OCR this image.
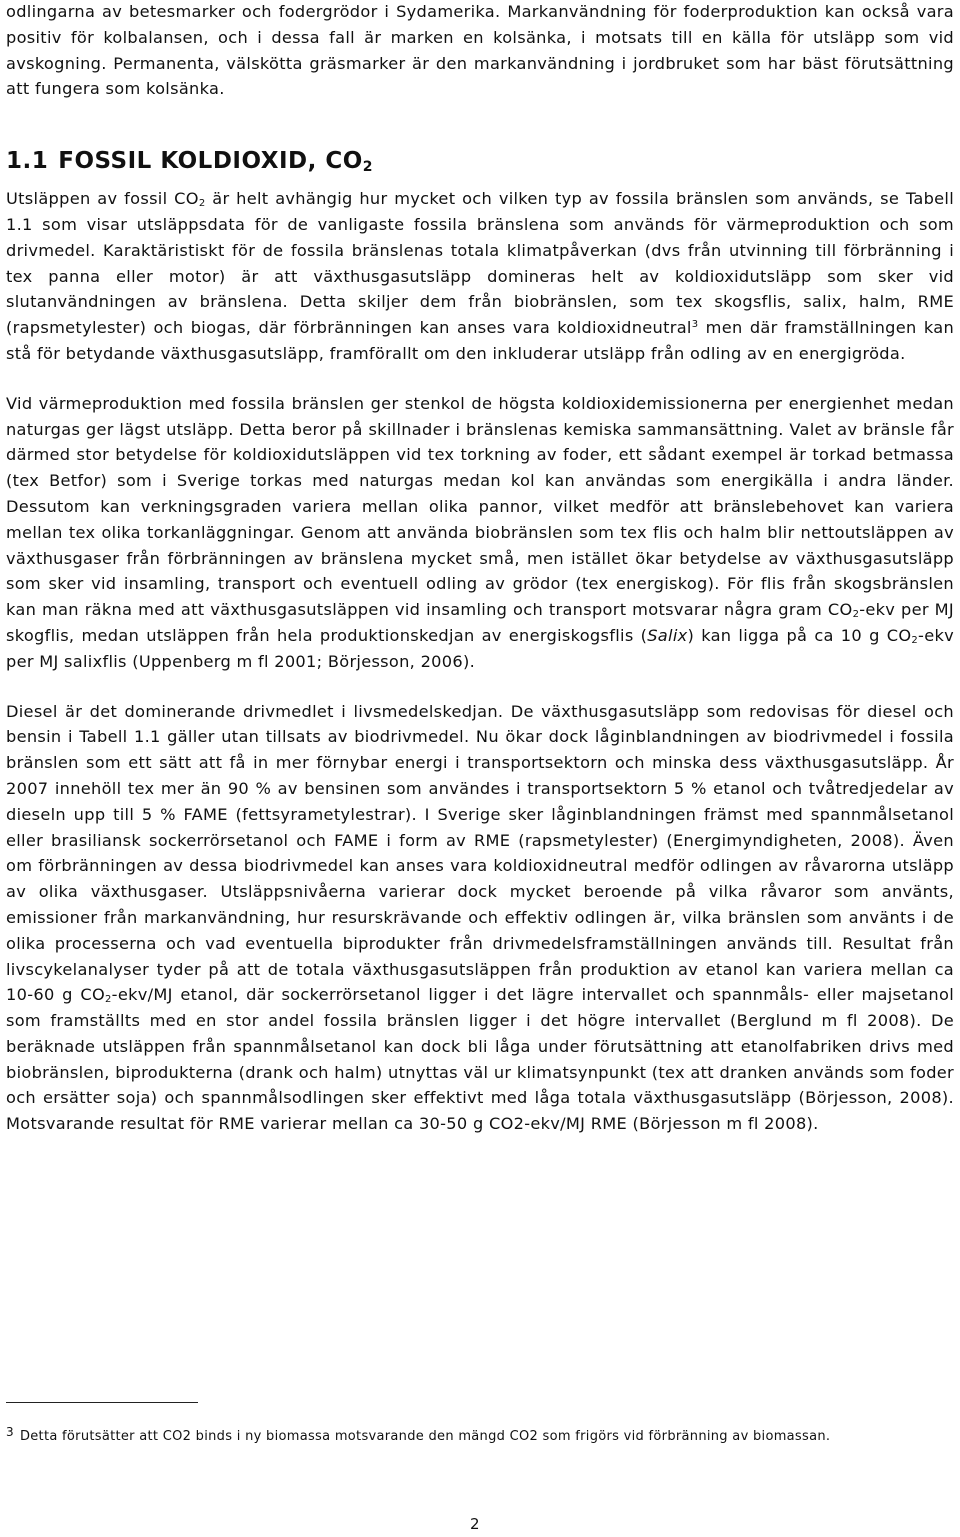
odlingarna av betesmarker och fodergrödor i Sydamerika. Markanvändning för foderproduktion kan också vara positiv för kolbalansen, och i dessa fall är marken en kolsänka, i motsats till en källa för utsläpp som vid avskogning. Permanenta, välskötta gräsmarker är den markanvändning i jordbruket som har bäst förutsättning att fungera som kolsänka.

1.1 FOSSIL KOLDIOXID, $CO_2$

Utsläppen av fossil $CO_2$ är helt avhängig hur mycket och vilken typ av fossila bränslen som används, se Tabell 1.1 som visar utsläppsdata för de vanligaste fossila bränslena som används för värmeproduktion och som drivmedel. Karaktäristiskt för de fossila bränslenas totala klimatpåverkan (dvs från utvinning till förbränning i tex panna eller motor) är att växthusgasutsläpp domineras helt av koldioxidutsläpp som sker vid slutanvändningen av bränslena. Detta skiljer dem från biobränslen, som tex skogsflis, salix, halm, RME (rapsmetylester) och biogas, där förbränningen kan anses vara koldioxidneutral$^3$ men där framställningen kan stå för betydande växthusgasutsläpp, framförallt om den inkluderar utsläpp från odling av en energigröda.

Vid värmeproduktion med fossila bränslen ger stenkol de högsta koldioxidemissionerna per energienhet medan naturgas ger lägst utsläpp. Detta beror på skillnader i bränslenas kemiska sammansättning. Valet av bränsle får därmed stor betydelse för koldioxidutsläppen vid tex torkning av foder, ett sådant exempel är torkad betmassa (tex Betfor) som i Sverige torkas med naturgas medan kol kan användas som energikälla i andra länder. Dessutom kan verkningsgraden variera mellan olika pannor, vilket medför att bränslebehovet kan variera mellan tex olika torkanläggningar. Genom att använda biobränslen som tex flis och halm blir nettoutsläppen av växthusgaser från förbränningen av bränslena mycket små, men istället ökar betydelse av växthusgasutsläpp som sker vid insamling, transport och eventuell odling av grödor (tex energiskog). För flis från skogsbränslen kan man räkna med att växthusgasutsläppen vid insamling och transport motsvarar några gram $CO_2$-ekv per MJ skogflis, medan utsläppen från hela produktionskedjan av energiskogsflis (Salix) kan ligga på ca 10 g $CO_2$-ekv per MJ salixflis (Uppenberg m fl 2001; Börjesson, 2006).

Diesel är det dominerande drivmedlet i livsmedelskedjan. De växthusgasutsläpp som redovisas för diesel och bensin i Tabell 1.1 gäller utan tillsats av biodrivmedel. Nu ökar dock låginblandningen av biodrivmedel i fossila bränslen som ett sätt att få in mer förnybar energi i transportsektorn och minska dess växthusgasutsläpp. År 2007 innehöll tex mer än 90 % av bensinen som användes i transportsektorn 5 % etanol och tvåtredjedelar av dieseln upp till 5 % FAME (fettsyrametylestrar). I Sverige sker låginblandningen främst med spannmålsetanol eller brasiliansk sockerrörsetanol och FAME i form av RME (rapsmetylester) (Energimyndigheten, 2008). Även om förbränningen av dessa biodrivmedel kan anses vara koldioxidneutral medför odlingen av råvarorna utsläpp av olika växthusgaser. Utsläppsnivåerna varierar dock mycket beroende på vilka råvaror som använts, emissioner från markanvändning, hur resurskrävande och effektiv odlingen är, vilka bränslen som använts i de olika processerna och vad eventuella biprodukter från drivmedelsframställningen används till. Resultat från livscykelanalyser tyder på att de totala växthusgasutsläppen från produktion av etanol kan variera mellan ca 10-60 g $CO_2-ekv/MJ$ etanol, där sockerrörsetanol ligger i det lägre intervallet och spannmåls- eller majsetanol som framställts med en stor andel fossila bränslen ligger i det högre intervallet (Berglund m fl 2008). De beräknade utsläppen från spannmålsetanol kan dock bli låga under förutsättning att etanolfabriken drivs med biobränslen, biprodukterna (drank och halm) utnyttas väl ur klimatsynpunkt (tex att dranken används som foder och ersätter soja) och spannmålsodlingen sker effektivt med låga totala växthusgasutsläpp (Börjesson, 2008). Motsvarande resultat för RME varierar mellan ca 30-50 g CO2-ekv/MJ RME (Börjesson m fl 2008).

3 Detta förutsätter att CO2 binds i ny biomassa motsvarande den mängd CO2 som frigörs vid förbränning av biomassan.

2
